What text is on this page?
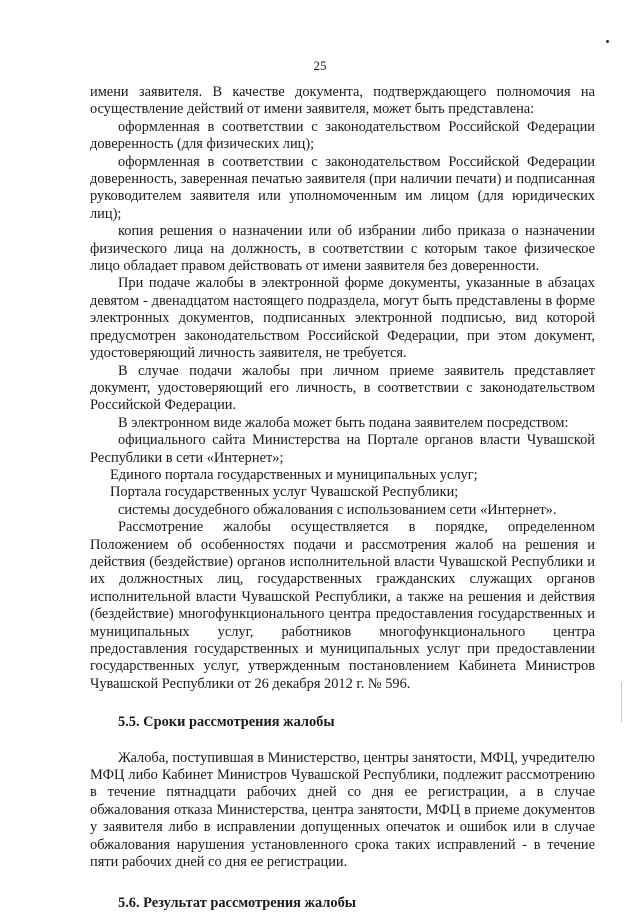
25

имени заявителя. В качестве документа, подтверждающего полномочия на осуществление действий от имени заявителя, может быть представлена:

оформленная в соответствии с законодательством Российской Федерации доверенность (для физических лиц);

оформленная в соответствии с законодательством Российской Федерации доверенность, заверенная печатью заявителя (при наличии печати) и подписанная руководителем заявителя или уполномоченным им лицом (для юридических лиц);

копия решения о назначении или об избрании либо приказа о назначении физического лица на должность, в соответствии с которым такое физическое лицо обладает правом действовать от имени заявителя без доверенности.

При подаче жалобы в электронной форме документы, указанные в абзацах девятом - двенадцатом настоящего подраздела, могут быть представлены в форме электронных документов, подписанных электронной подписью, вид которой предусмотрен законодательством Российской Федерации, при этом документ, удостоверяющий личность заявителя, не требуется.

В случае подачи жалобы при личном приеме заявитель представляет документ, удостоверяющий его личность, в соответствии с законодательством Российской Федерации.

В электронном виде жалоба может быть подана заявителем посредством:

официального сайта Министерства на Портале органов власти Чувашской Республики в сети «Интернет»;

Единого портала государственных и муниципальных услуг;

Портала государственных услуг Чувашской Республики;

системы досудебного обжалования с использованием сети «Интернет».

Рассмотрение жалобы осуществляется в порядке, определенном Положением об особенностях подачи и рассмотрения жалоб на решения и действия (бездействие) органов исполнительной власти Чувашской Республики и их должностных лиц, государственных гражданских служащих органов исполнительной власти Чувашской Республики, а также на решения и действия (бездействие) многофункционального центра предоставления государственных и муниципальных услуг, работников многофункционального центра предоставления государственных и муниципальных услуг при предоставлении государственных услуг, утвержденным постановлением Кабинета Министров Чувашской Республики от 26 декабря 2012 г. № 596.

5.5. Сроки рассмотрения жалобы

Жалоба, поступившая в Министерство, центры занятости, МФЦ, учредителю МФЦ либо Кабинет Министров Чувашской Республики, подлежит рассмотрению в течение пятнадцати рабочих дней со дня ее регистрации, а в случае обжалования отказа Министерства, центра занятости, МФЦ в приеме документов у заявителя либо в исправлении допущенных опечаток и ошибок или в случае обжалования нарушения установленного срока таких исправлений - в течение пяти рабочих дней со дня ее регистрации.

5.6. Результат рассмотрения жалобы
